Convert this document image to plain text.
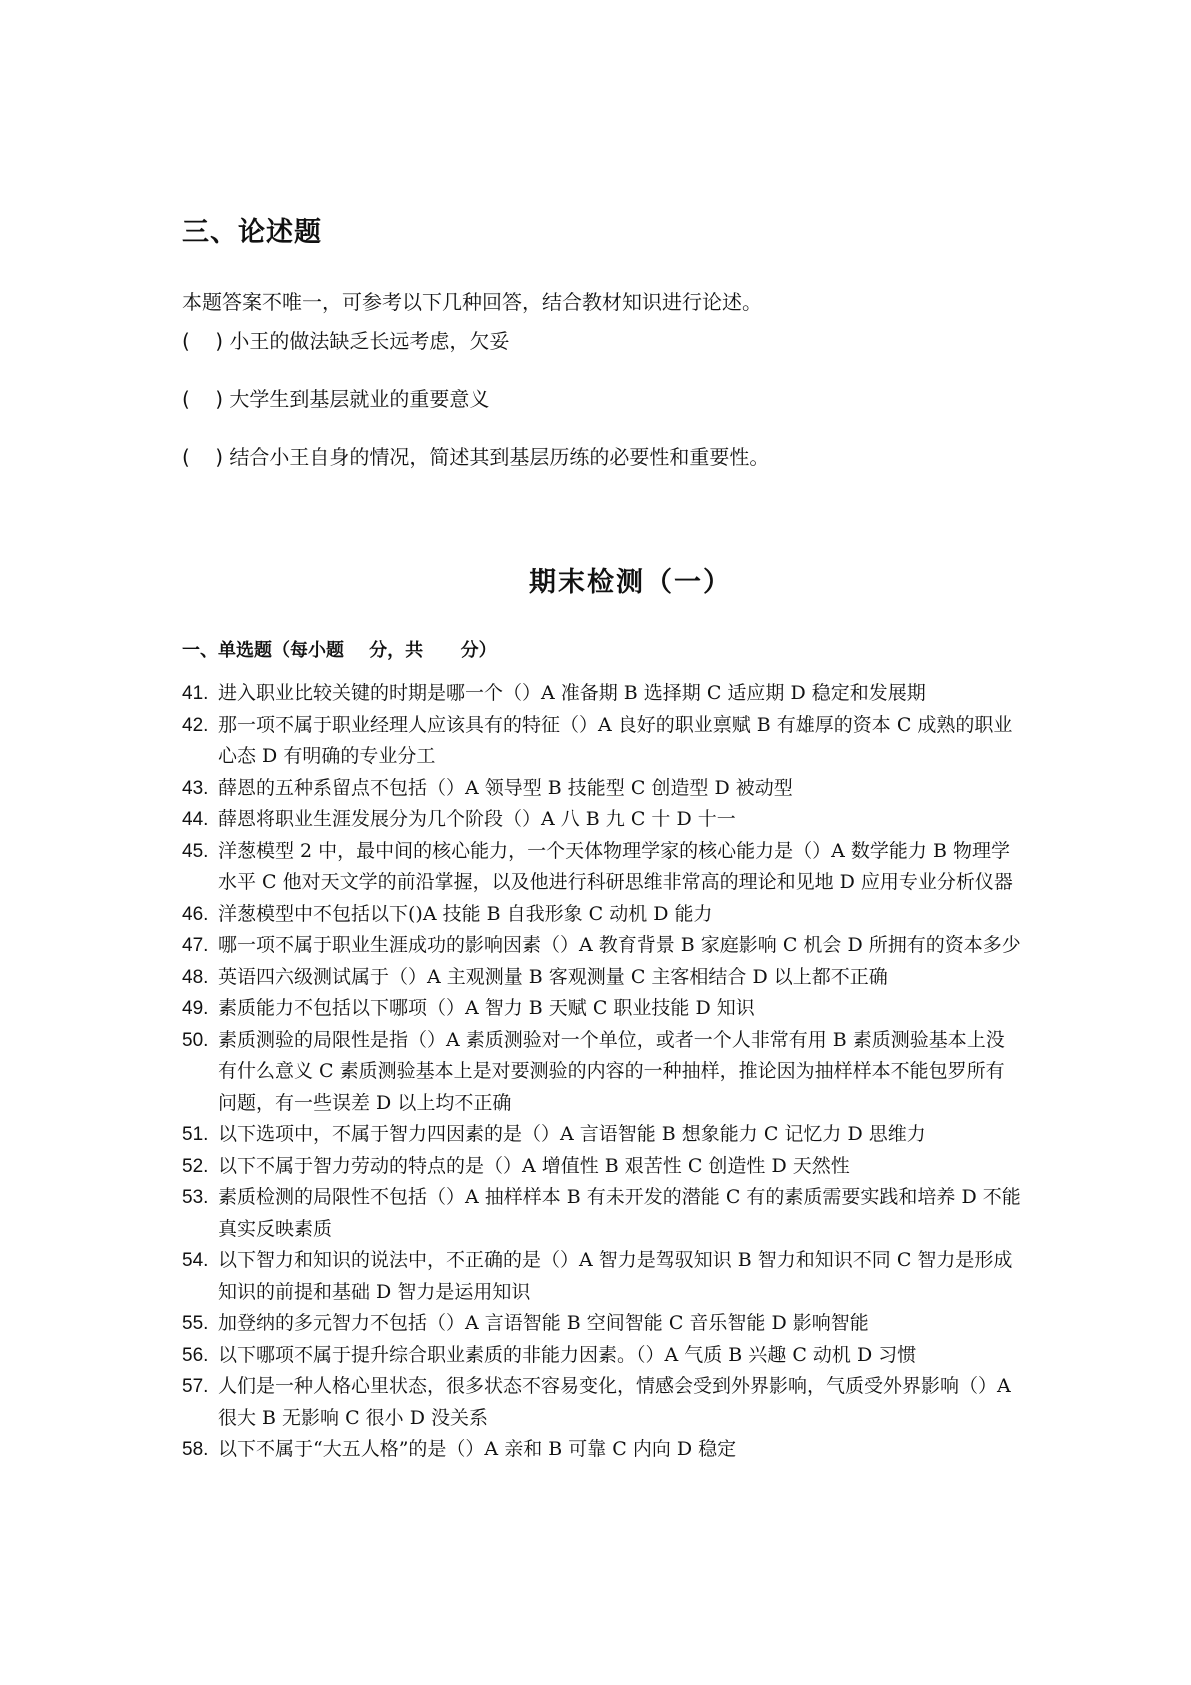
三、论述题
本题答案不唯一，可参考以下几种回答，结合教材知识进行论述。
(    ) 小王的做法缺乏长远考虑，欠妥
(    ) 大学生到基层就业的重要意义
(    ) 结合小王自身的情况，简述其到基层历练的必要性和重要性。
期末检测（一）
一、单选题（每小题    分，共      分）
41. 进入职业比较关键的时期是哪一个（）A 准备期 B 选择期 C 适应期 D 稳定和发展期
42. 那一项不属于职业经理人应该具有的特征（）A 良好的职业禀赋 B 有雄厚的资本 C 成熟的职业心态 D 有明确的专业分工
43. 薛恩的五种系留点不包括（）A 领导型 B 技能型 C 创造型 D 被动型
44. 薛恩将职业生涯发展分为几个阶段（）A 八 B 九 C 十 D 十一
45. 洋葱模型 2 中，最中间的核心能力，一个天体物理学家的核心能力是（）A 数学能力 B 物理学水平 C 他对天文学的前沿掌握，以及他进行科研思维非常高的理论和见地 D 应用专业分析仪器
46. 洋葱模型中不包括以下()A 技能 B 自我形象 C 动机 D 能力
47. 哪一项不属于职业生涯成功的影响因素（）A 教育背景 B 家庭影响 C 机会 D 所拥有的资本多少
48. 英语四六级测试属于（）A 主观测量 B 客观测量 C 主客相结合 D 以上都不正确
49. 素质能力不包括以下哪项（）A 智力 B 天赋 C 职业技能 D 知识
50. 素质测验的局限性是指（）A 素质测验对一个单位，或者一个人非常有用 B 素质测验基本上没有什么意义 C 素质测验基本上是对要测验的内容的一种抽样，推论因为抽样样本不能包罗所有问题，有一些误差 D 以上均不正确
51. 以下选项中，不属于智力四因素的是（）A 言语智能 B 想象能力 C 记忆力 D 思维力
52. 以下不属于智力劳动的特点的是（）A 增值性 B 艰苦性 C 创造性 D 天然性
53. 素质检测的局限性不包括（）A 抽样样本 B 有未开发的潜能 C 有的素质需要实践和培养 D 不能真实反映素质
54. 以下智力和知识的说法中，不正确的是（）A 智力是驾驭知识 B 智力和知识不同 C 智力是形成知识的前提和基础 D 智力是运用知识
55. 加登纳的多元智力不包括（）A 言语智能 B 空间智能 C 音乐智能 D 影响智能
56. 以下哪项不属于提升综合职业素质的非能力因素。（）A 气质 B 兴趣 C 动机 D 习惯
57. 人们是一种人格心里状态，很多状态不容易变化，情感会受到外界影响，气质受外界影响（）A 很大 B 无影响 C 很小 D 没关系
58. 以下不属于“大五人格”的是（）A 亲和 B 可靠 C 内向 D 稳定
